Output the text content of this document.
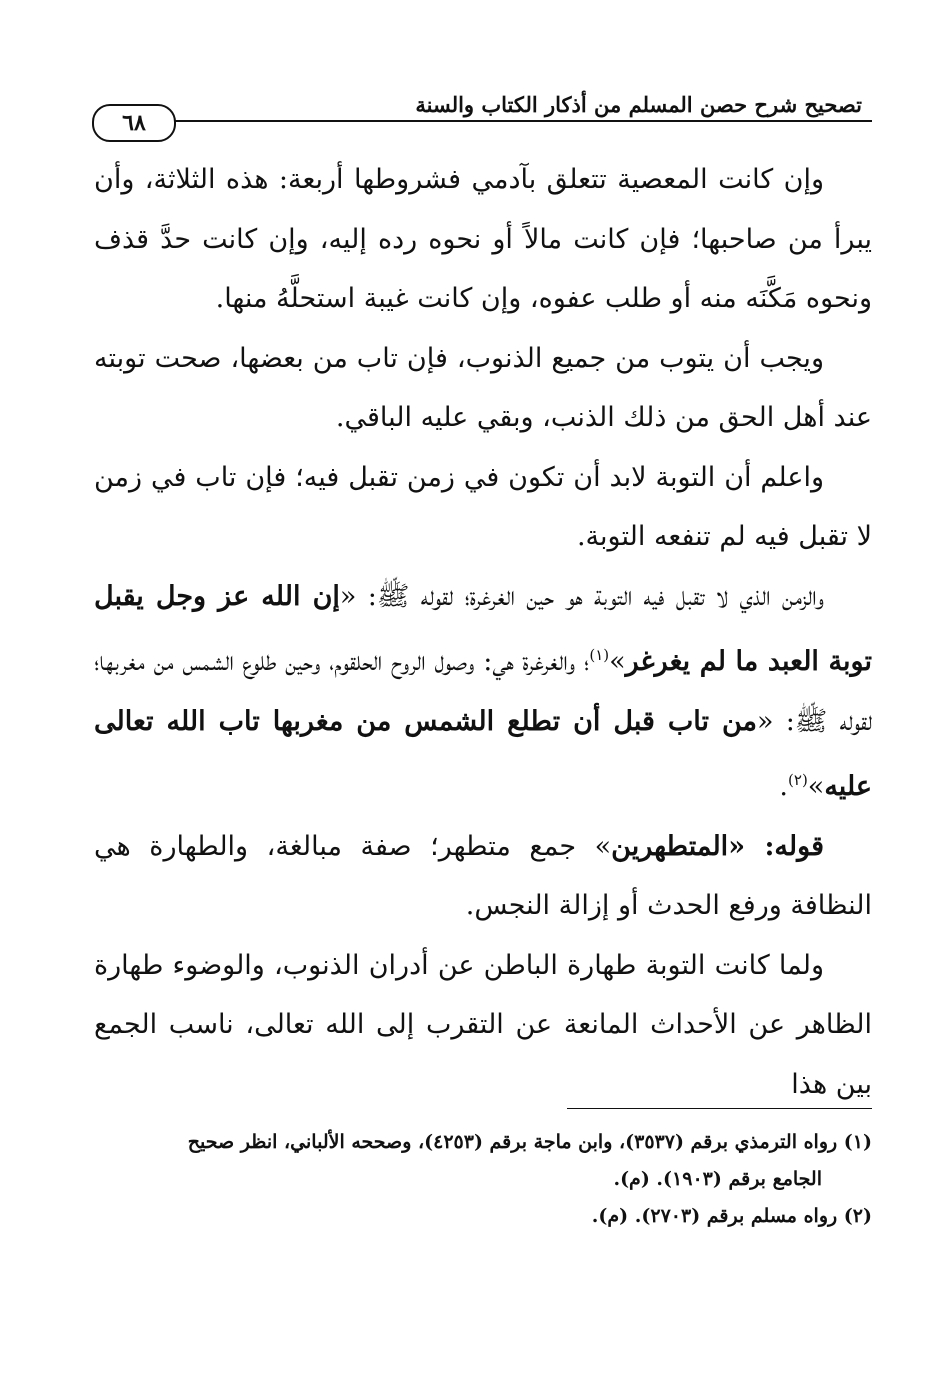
تصحيح شرح حصن المسلم من أذكار الكتاب والسنة
٦٨

وإن كانت المعصية تتعلق بآدمي فشروطها أربعة: هذه الثلاثة، وأن يبرأ من صاحبها؛ فإن كانت مالاً أو نحوه رده إليه، وإن كانت حدَّ قذف ونحوه مَكَّنَه منه أو طلب عفوه، وإن كانت غيبة استحلَّهُ منها.

ويجب أن يتوب من جميع الذنوب، فإن تاب من بعضها، صحت توبته عند أهل الحق من ذلك الذنب، وبقي عليه الباقي.

واعلم أن التوبة لابد أن تكون في زمن تقبل فيه؛ فإن تاب في زمن لا تقبل فيه لم تنفعه التوبة.

والزمن الذي لا تقبل فيه التوبة هو حين الغرغرة؛ لقوله ﷺ: «إن الله عز وجل يقبل توبة العبد ما لم يغرغر»$^{(١)}$؛ والغرغرة هي: وصول الروح الحلقوم، وحين طلوع الشمس من مغربها؛ لقوله ﷺ: «من تاب قبل أن تطلع الشمس من مغربها تاب الله تعالى عليه»$^{(٢)}$.

قوله: «المتطهرين» جمع متطهر؛ صفة مبالغة، والطهارة هي النظافة ورفع الحدث أو إزالة النجس.

ولما كانت التوبة طهارة الباطن عن أدران الذنوب، والوضوء طهارة الظاهر عن الأحداث المانعة عن التقرب إلى الله تعالى، ناسب الجمع بين هذا

(١) رواه الترمذي برقم (٣٥٣٧)، وابن ماجة برقم (٤٢٥٣)، وصححه الألباني، انظر صحيح
الجامع برقم (١٩٠٣). (م).

(٢) رواه مسلم برقم (٢٧٠٣). (م).
